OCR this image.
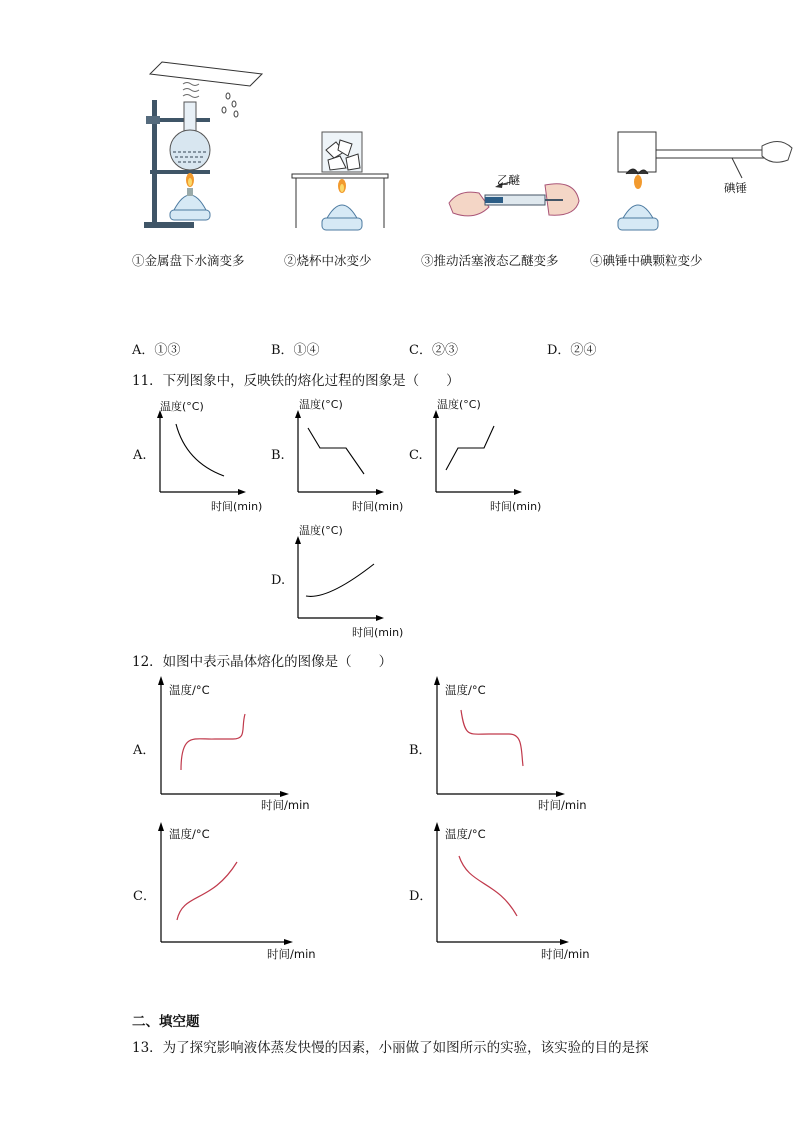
乙醚
碘锤
①金属盘下水滴变多	②烧杯中冰变少	③推动活塞液态乙醚变多	④碘锤中碘颗粒变少
A．①③	B．①④	C．②③	D．②④
11．下列图象中，反映铁的熔化过程的图象是（　　）
温度(°C)
A.
时间(min)
温度(°C)
B.
时间(min)
温度(°C)
C.
时间(min)
温度(°C)
D.
时间(min)
12．如图中表示晶体熔化的图像是（　　）
温度/°C
A．
时间/min
温度/°C
B．
时间/min
温度/°C
C．
时间/min
温度/°C
D．
时间/min
二、填空题
13．为了探究影响液体蒸发快慢的因素，小丽做了如图所示的实验，该实验的目的是探
